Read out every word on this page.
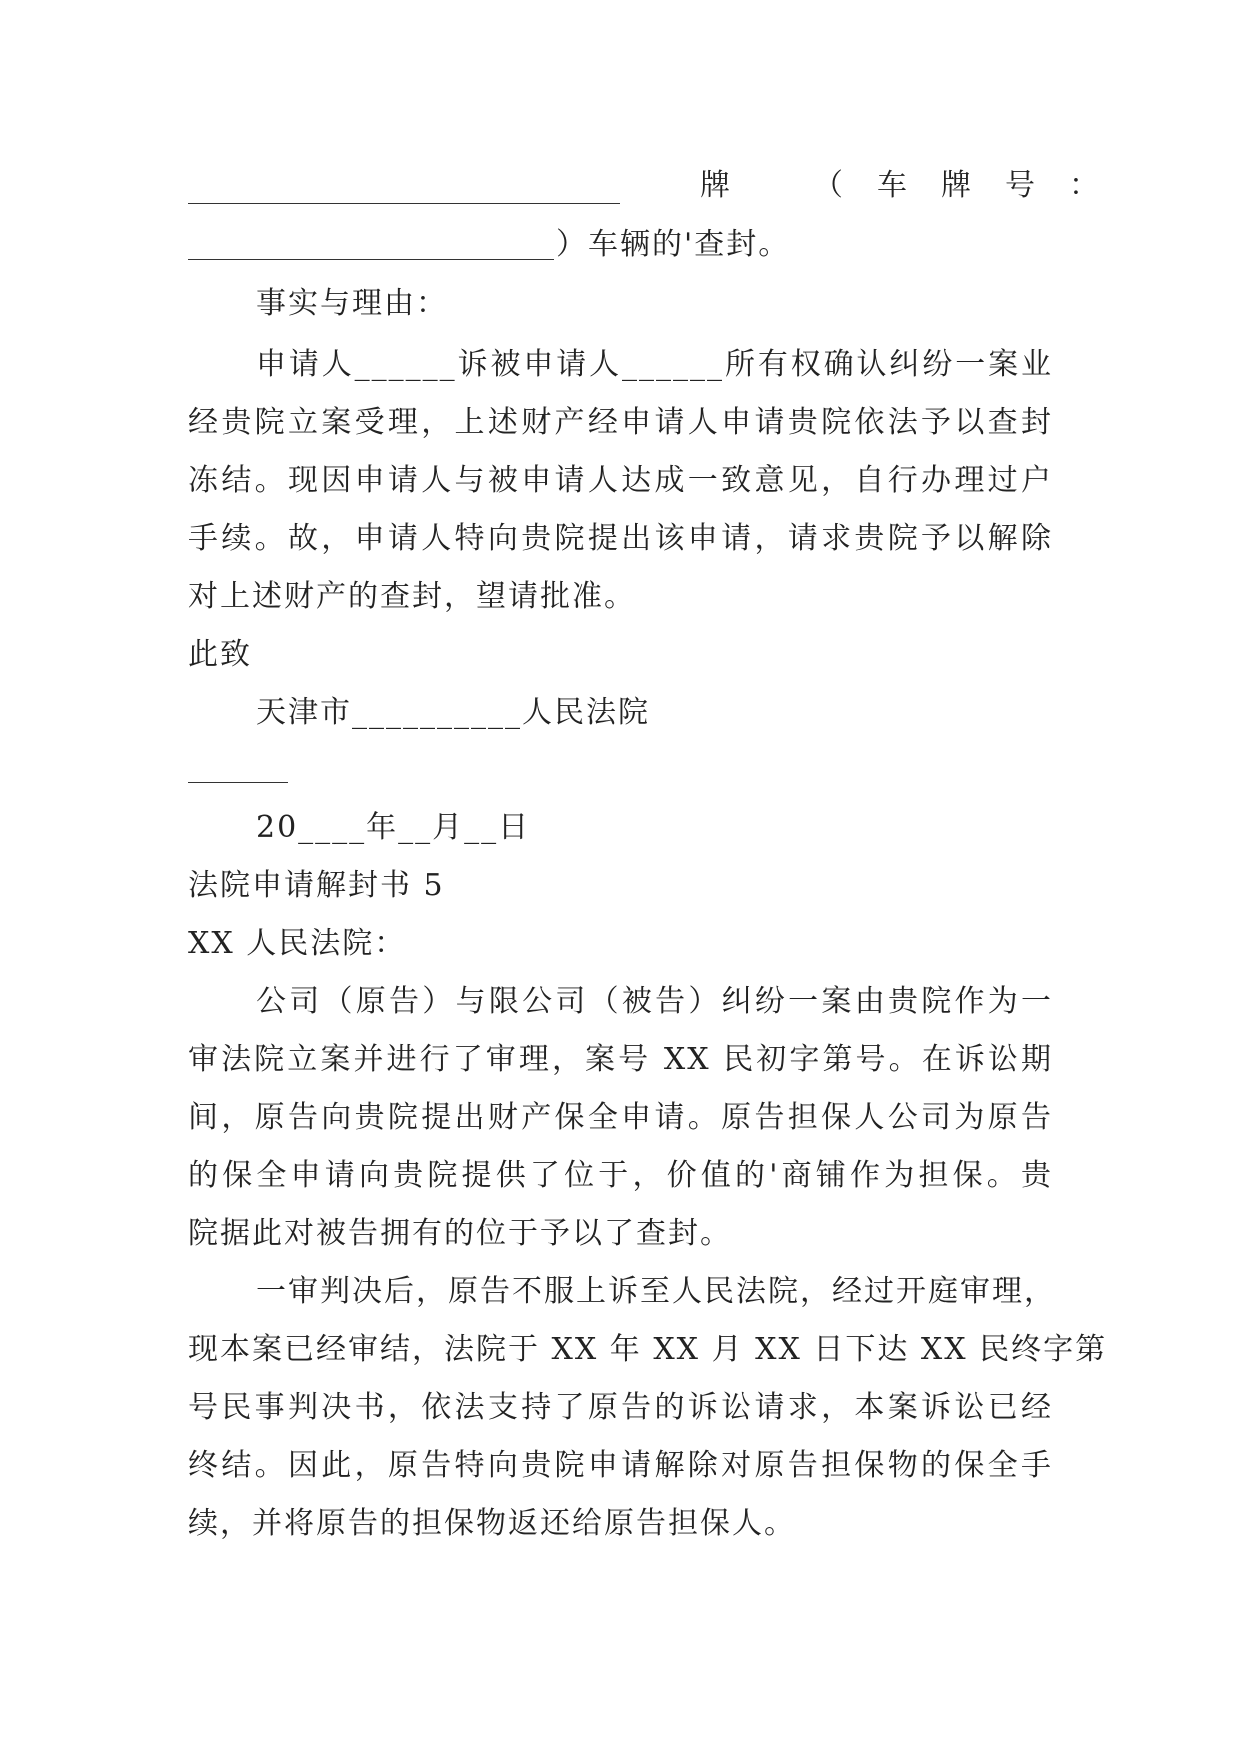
牌　（车牌号：
）车辆的'查封。
事实与理由：
申请人______诉被申请人______所有权确认纠纷一案业
经贵院立案受理，上述财产经申请人申请贵院依法予以查封
冻结。现因申请人与被申请人达成一致意见，自行办理过户
手续。故，申请人特向贵院提出该申请，请求贵院予以解除
对上述财产的查封，望请批准。
此致
天津市__________人民法院
20____年__月__日
法院申请解封书 5
XX 人民法院：
公司（原告）与限公司（被告）纠纷一案由贵院作为一
审法院立案并进行了审理，案号 XX 民初字第号。在诉讼期
间，原告向贵院提出财产保全申请。原告担保人公司为原告
的保全申请向贵院提供了位于，价值的'商铺作为担保。贵
院据此对被告拥有的位于予以了查封。
一审判决后，原告不服上诉至人民法院，经过开庭审理，
现本案已经审结，法院于 XX 年 XX 月 XX 日下达 XX 民终字第
号民事判决书，依法支持了原告的诉讼请求，本案诉讼已经
终结。因此，原告特向贵院申请解除对原告担保物的保全手
续，并将原告的担保物返还给原告担保人。
